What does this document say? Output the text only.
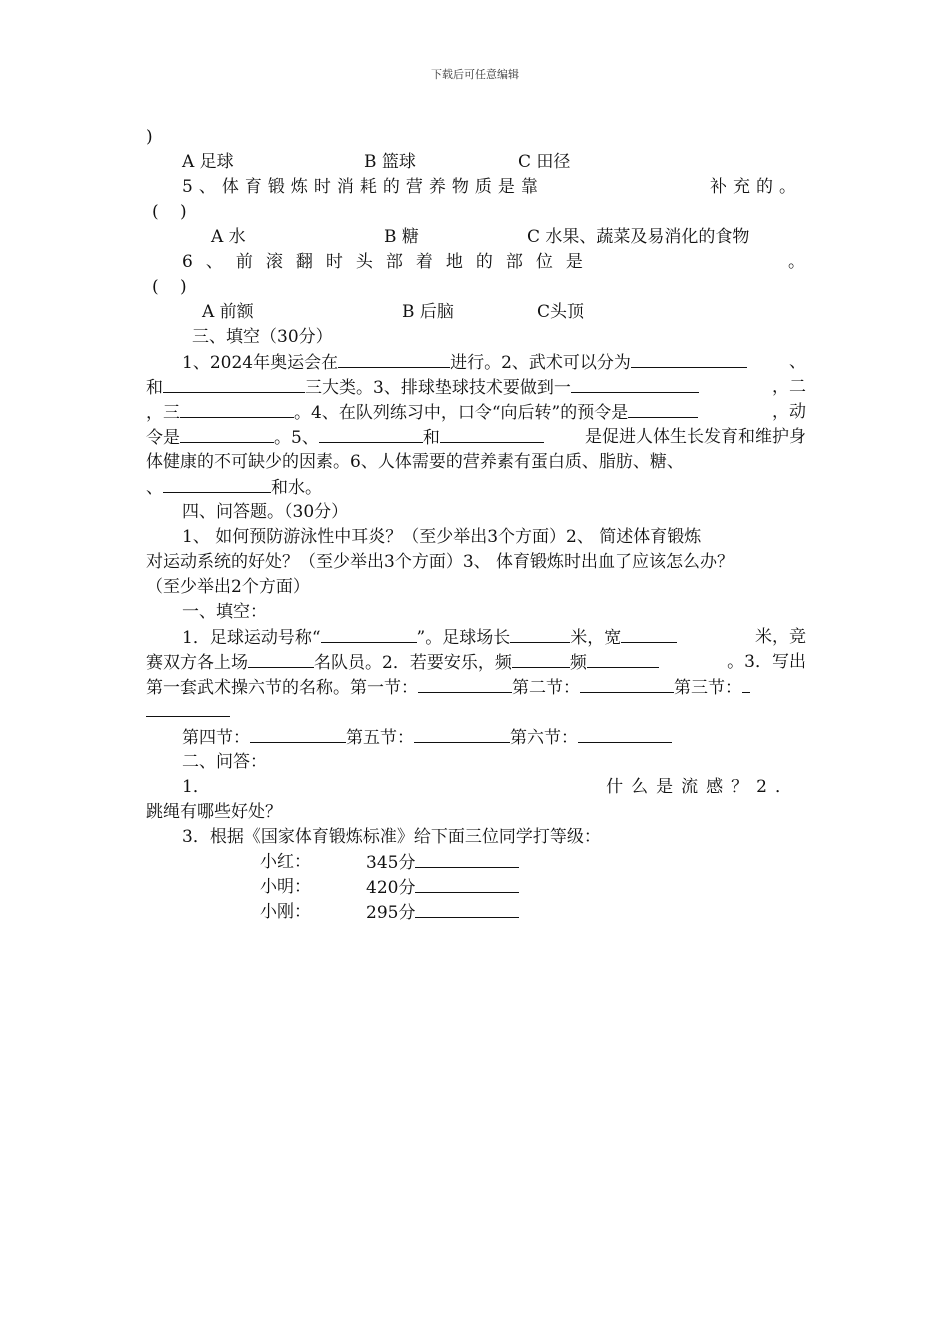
下载后可任意编辑
)
A 足球	B 篮球	C 田径
5、体育锻炼时消耗的营养物质是靠	补充的。
( )
A 水	B 糖	C 水果、蔬菜及易消化的食物
6、前滚翻时头部着地的部位是	。
( )
A 前额	B 后脑	C头顶
三、填空（30分）
1、2024年奥运会在	进行。2、武术可以分为	、
和	三大类。3、排球垫球技术要做到一	，二
，三	。4、在队列练习中，口令“向后转”的预令是	，动
令是	。5、	和	是促进人体生长发育和维护身
体健康的不可缺少的因素。6、人体需要的营养素有蛋白质、脂肪、糖、
、	和水。
四、问答题。（30分）
1、 如何预防游泳性中耳炎？（至少举出3个方面）2、 简述体育锻炼
对运动系统的好处？（至少举出3个方面）3、 体育锻炼时出血了应该怎么办？
（至少举出2个方面）
一、填空：
1．足球运动号称“	”。足球场长	米，宽	米，竞
赛双方各上场	名队员。2．若要安乐，频	频	。3．写出
第一套武术操六节的名称。第一节：	第二节：	第三节：
第四节：	第五节：	第六节：
二、问答：
1．	什么是流感？2．
跳绳有哪些好处？
3．根据《国家体育锻炼标准》给下面三位同学打等级：
小红：	345分
小明：	420分
小刚：	295分
